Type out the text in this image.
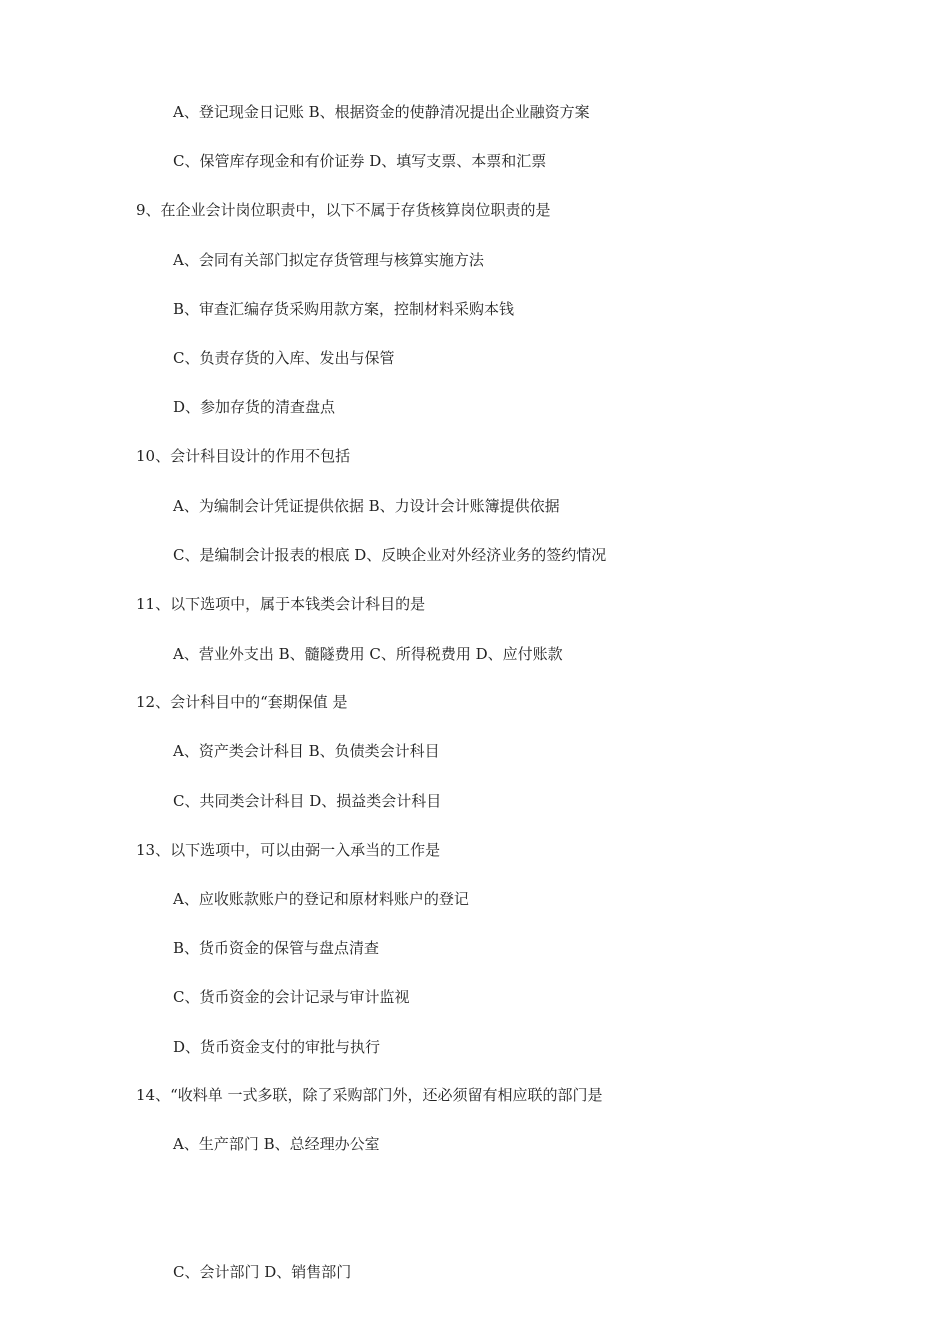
A、登记现金日记账 B、根据资金的使静清况提出企业融资方案
C、保管库存现金和有价证券 D、填写支票、本票和汇票
9、在企业会计岗位职责中，以下不属于存货核算岗位职责的是
A、会同有关部门拟定存货管理与核算实施方法
B、审查汇编存货采购用款方案，控制材料采购本钱
C、负责存货的入库、发出与保管
D、参加存货的清查盘点
10、会计科目设计的作用不包括
A、为编制会计凭证提供依据 B、力设计会计账簿提供依据
C、是编制会计报表的根底 D、反映企业对外经济业务的签约情况
11、以下选项中，属于本钱类会计科目的是
A、营业外支出 B、髓隧费用 C、所得税费用 D、应付账款
12、会计科目中的“套期保值 是
A、资产类会计科目 B、负债类会计科目
C、共同类会计科目 D、损益类会计科目
13、以下选项中，可以由弼一入承当的工作是
A、应收账款账户的登记和原材料账户的登记
B、货币资金的保管与盘点清查
C、货币资金的会计记录与审计监视
D、货币资金支付的审批与执行
14、“收料单 一式多联，除了采购部门外，还必须留有相应联的部门是
A、生产部门 B、总经理办公室
C、会计部门 D、销售部门
